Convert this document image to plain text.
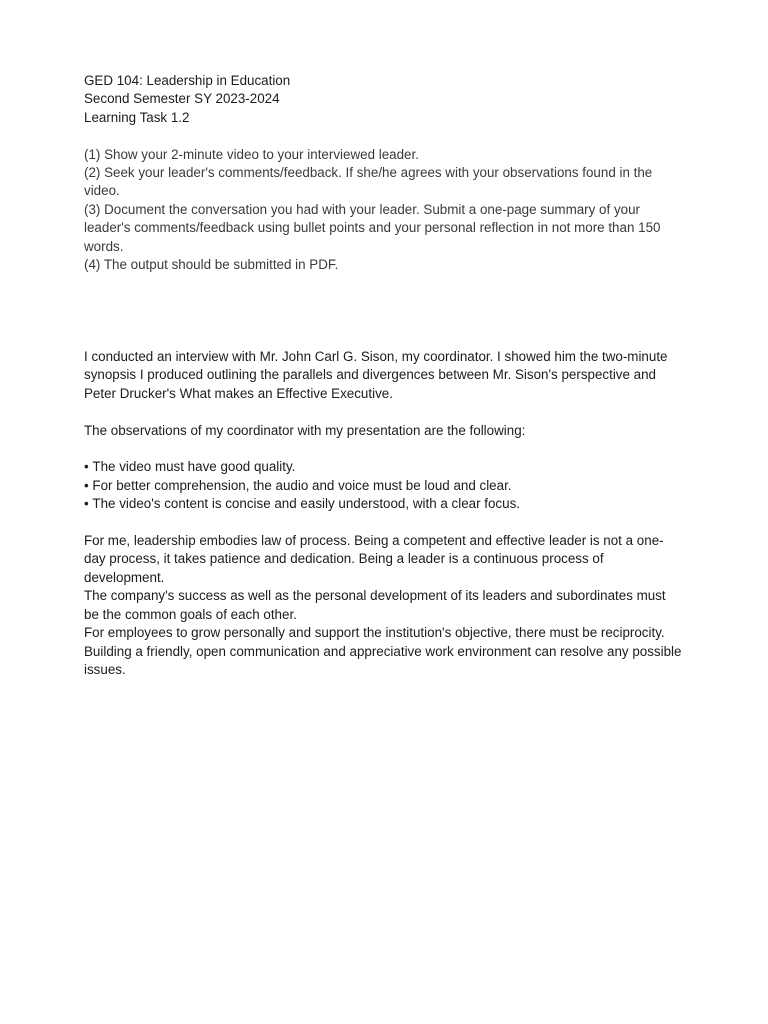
GED 104: Leadership in Education

Second Semester SY 2023-2024

Learning Task 1.2

(1) Show your 2-minute video to your interviewed leader.

(2) Seek your leader's comments/feedback. If she/he agrees with your observations found in the video.

(3) Document the conversation you had with your leader. Submit a one-page summary of your leader's comments/feedback using bullet points and your personal reflection in not more than 150 words.

(4) The output should be submitted in PDF.

I conducted an interview with Mr. John Carl G. Sison, my coordinator. I showed him the two-minute synopsis I produced outlining the parallels and divergences between Mr. Sison's perspective and Peter Drucker's What makes an Effective Executive.

The observations of my coordinator with my presentation are the following:

• The video must have good quality.
• For better comprehension, the audio and voice must be loud and clear.
• The video's content is concise and easily understood, with a clear focus.

For me, leadership embodies law of process. Being a competent and effective leader is not a one-day process, it takes patience and dedication. Being a leader is a continuous process of development.

The company's success as well as the personal development of its leaders and subordinates must be the common goals of each other.

For employees to grow personally and support the institution's objective, there must be reciprocity.

Building a friendly, open communication and appreciative work environment can resolve any possible issues.
